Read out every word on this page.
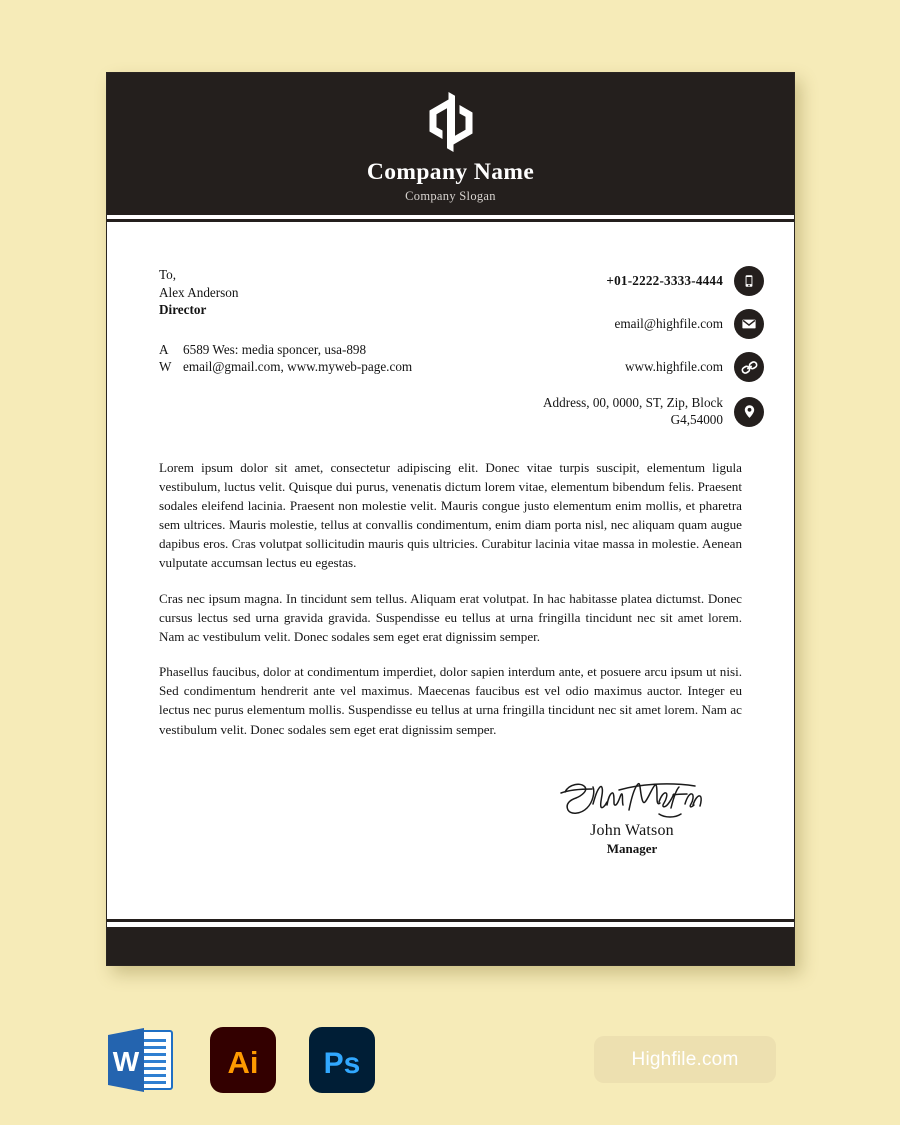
Company Name
Company Slogan
To,
Alex Anderson
Director
A	6589 Wes: media sponcer, usa-898
W email@gmail.com, www.myweb-page.com
+01-2222-3333-4444
email@highfile.com
www.highfile.com
Address, 00, 0000, ST, Zip, Block G4,54000

Lorem ipsum dolor sit amet, consectetur adipiscing elit. Donec vitae turpis suscipit, elementum ligula vestibulum, luctus velit. Quisque dui purus, venenatis dictum lorem vitae, elementum bibendum felis. Praesent sodales eleifend lacinia. Praesent non molestie velit. Mauris congue justo elementum enim mollis, et pharetra sem ultrices. Mauris molestie, tellus at convallis condimentum, enim diam porta nisl, nec aliquam quam augue dapibus eros. Cras volutpat sollicitudin mauris quis ultricies. Curabitur lacinia vitae massa in molestie. Aenean vulputate accumsan lectus eu egestas.

Cras nec ipsum magna. In tincidunt sem tellus. Aliquam erat volutpat. In hac habitasse platea dictumst. Donec cursus lectus sed urna gravida gravida. Suspendisse eu tellus at urna fringilla tincidunt nec sit amet lorem. Nam ac vestibulum velit. Donec sodales sem eget erat dignissim semper.

Phasellus faucibus, dolor at condimentum imperdiet, dolor sapien interdum ante, et posuere arcu ipsum ut nisi. Sed condimentum hendrerit ante vel maximus. Maecenas faucibus est vel odio maximus auctor. Integer eu lectus nec purus elementum mollis. Suspendisse eu tellus at urna fringilla tincidunt nec sit amet lorem. Nam ac vestibulum velit. Donec sodales sem eget erat dignissim semper.

John Watson
Manager
W	Ai Ps	Highfile.com
